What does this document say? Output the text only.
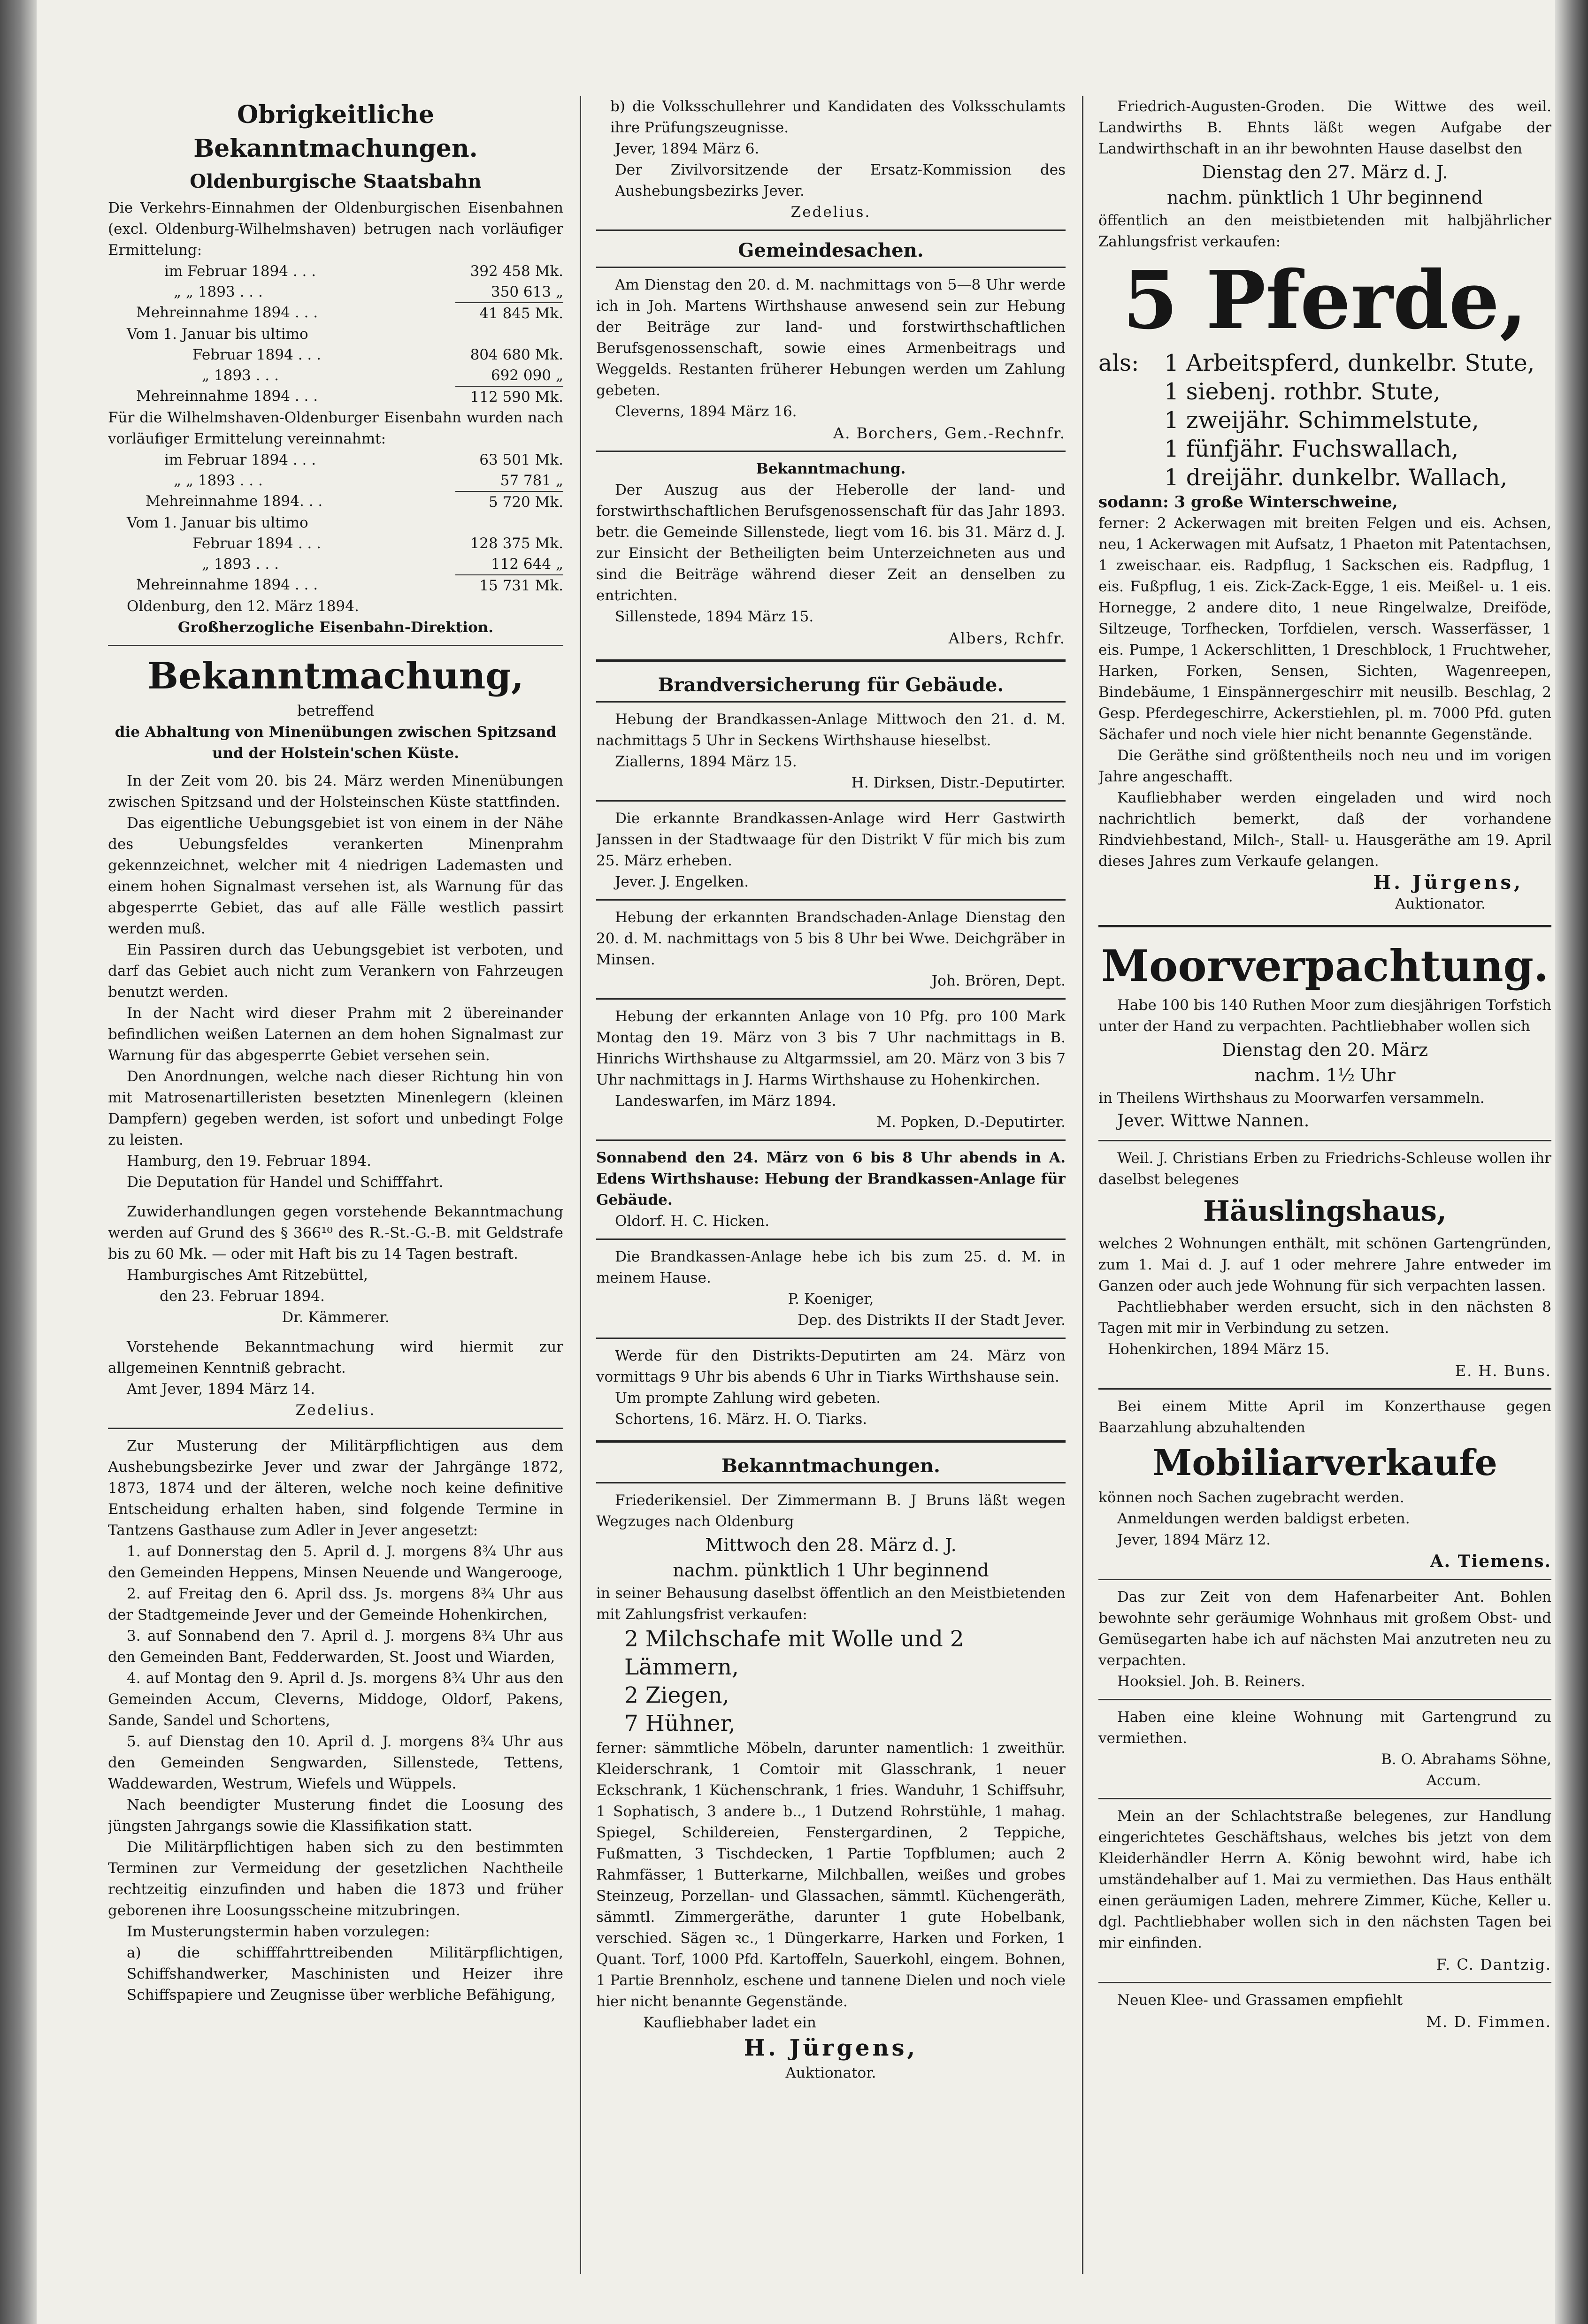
Obrigkeitliche Bekanntmachungen.
Oldenburgische Staatsbahn

Die Verkehrs-Einnahmen der Oldenburgischen Eisenbahnen (excl. Oldenburg-Wilhelmshaven) betrugen nach vorläufiger Ermittelung:

im Februar 1894 . . .	392 458 Mk.
„ „ 1893 . . .	350 613 „
Mehreinnahme 1894 . . .	41 845 Mk.
Vom 1. Januar bis ultimo
Februar 1894 . . .	804 680 Mk.
„ 1893 . . .	692 090 „
Mehreinnahme 1894 . . .	112 590 Mk.

Für die Wilhelmshaven-Oldenburger Eisenbahn wurden nach vorläufiger Ermittelung vereinnahmt:

im Februar 1894 . . .	63 501 Mk.
„ „ 1893 . . .	57 781 „
Mehreinnahme 1894. . .	5 720 Mk.
Vom 1. Januar bis ultimo
Februar 1894 . . .	128 375 Mk.
„ 1893 . . .	112 644 „
Mehreinnahme 1894 . . .	15 731 Mk.

Oldenburg, den 12. März 1894.

Großherzogliche Eisenbahn-Direktion.

Bekanntmachung,

betreffend

die Abhaltung von Minenübungen zwischen Spitzsand und der Holstein'schen Küste.

In der Zeit vom 20. bis 24. März werden Minenübungen zwischen Spitzsand und der Holsteinschen Küste stattfinden.

Das eigentliche Uebungsgebiet ist von einem in der Nähe des Uebungsfeldes verankerten Minenprahm gekennzeichnet, welcher mit 4 niedrigen Lademasten und einem hohen Signalmast versehen ist, als Warnung für das abgesperrte Gebiet, das auf alle Fälle westlich passirt werden muß.

Ein Passiren durch das Uebungsgebiet ist verboten, und darf das Gebiet auch nicht zum Verankern von Fahrzeugen benutzt werden.

In der Nacht wird dieser Prahm mit 2 übereinander befindlichen weißen Laternen an dem hohen Signalmast zur Warnung für das abgesperrte Gebiet versehen sein.

Den Anordnungen, welche nach dieser Richtung hin von mit Matrosenartilleristen besetzten Minenlegern (kleinen Dampfern) gegeben werden, ist sofort und unbedingt Folge zu leisten.

Hamburg, den 19. Februar 1894.

Die Deputation für Handel und Schifffahrt.

Zuwiderhandlungen gegen vorstehende Bekanntmachung werden auf Grund des § 366¹⁰ des R.-St.-G.-B. mit Geldstrafe bis zu 60 Mk. — oder mit Haft bis zu 14 Tagen bestraft.

Hamburgisches Amt Ritzebüttel,

den 23. Februar 1894.

Dr. Kämmerer.

Vorstehende Bekanntmachung wird hiermit zur allgemeinen Kenntniß gebracht.

Amt Jever, 1894 März 14.

Zedelius.

Zur Musterung der Militärpflichtigen aus dem Aushebungsbezirke Jever und zwar der Jahrgänge 1872, 1873, 1874 und der älteren, welche noch keine definitive Entscheidung erhalten haben, sind folgende Termine in Tantzens Gasthause zum Adler in Jever angesetzt:

1. auf Donnerstag den 5. April d. J. morgens 8¾ Uhr aus den Gemeinden Heppens, Minsen Neuende und Wangerooge,

2. auf Freitag den 6. April dss. Js. morgens 8¾ Uhr aus der Stadtgemeinde Jever und der Gemeinde Hohenkirchen,

3. auf Sonnabend den 7. April d. J. morgens 8¾ Uhr aus den Gemeinden Bant, Fedderwarden, St. Joost und Wiarden,

4. auf Montag den 9. April d. Js. morgens 8¾ Uhr aus den Gemeinden Accum, Cleverns, Middoge, Oldorf, Pakens, Sande, Sandel und Schortens,

5. auf Dienstag den 10. April d. J. morgens 8¾ Uhr aus den Gemeinden Sengwarden, Sillenstede, Tettens, Waddewarden, Westrum, Wiefels und Wüppels.

Nach beendigter Musterung findet die Loosung des jüngsten Jahrgangs sowie die Klassifikation statt.

Die Militärpflichtigen haben sich zu den bestimmten Terminen zur Vermeidung der gesetzlichen Nachtheile rechtzeitig einzufinden und haben die 1873 und früher geborenen ihre Loosungsscheine mitzubringen.

Im Musterungstermin haben vorzulegen:

a) die schifffahrttreibenden Militärpflichtigen, Schiffshandwerker, Maschinisten und Heizer ihre Schiffspapiere und Zeugnisse über werbliche Befähigung,

b) die Volksschullehrer und Kandidaten des Volksschulamts ihre Prüfungszeugnisse.

Jever, 1894 März 6.

Der Zivilvorsitzende der Ersatz-Kommission des Aushebungsbezirks Jever.

Zedelius.

Gemeindesachen.

Am Dienstag den 20. d. M. nachmittags von 5—8 Uhr werde ich in Joh. Martens Wirthshause anwesend sein zur Hebung der Beiträge zur land- und forstwirthschaftlichen Berufsgenossenschaft, sowie eines Armenbeitrags und Weggelds. Restanten früherer Hebungen werden um Zahlung gebeten.

Cleverns, 1894 März 16.

A. Borchers, Gem.-Rechnfr.

Bekanntmachung.

Der Auszug aus der Heberolle der land- und forstwirthschaftlichen Berufsgenossenschaft für das Jahr 1893. betr. die Gemeinde Sillenstede, liegt vom 16. bis 31. März d. J. zur Einsicht der Betheiligten beim Unterzeichneten aus und sind die Beiträge während dieser Zeit an denselben zu entrichten.

Sillenstede, 1894 März 15.

Albers, Rchfr.

Brandversicherung für Gebäude.

Hebung der Brandkassen-Anlage Mittwoch den 21. d. M. nachmittags 5 Uhr in Seckens Wirthshause hieselbst.

Ziallerns, 1894 März 15.

H. Dirksen, Distr.-Deputirter.

Die erkannte Brandkassen-Anlage wird Herr Gastwirth Janssen in der Stadtwaage für den Distrikt V für mich bis zum 25. März erheben.

Jever. J. Engelken.

Hebung der erkannten Brandschaden-Anlage Dienstag den 20. d. M. nachmittags von 5 bis 8 Uhr bei Wwe. Deichgräber in Minsen.

Joh. Brören, Dept.

Hebung der erkannten Anlage von 10 Pfg. pro 100 Mark Montag den 19. März von 3 bis 7 Uhr nachmittags in B. Hinrichs Wirthshause zu Altgarmssiel, am 20. März von 3 bis 7 Uhr nachmittags in J. Harms Wirthshause zu Hohenkirchen.

Landeswarfen, im März 1894.

M. Popken, D.-Deputirter.

Sonnabend den 24. März von 6 bis 8 Uhr abends in A. Edens Wirthshause: Hebung der Brandkassen-Anlage für Gebäude.

Oldorf. H. C. Hicken.

Die Brandkassen-Anlage hebe ich bis zum 25. d. M. in meinem Hause.

P. Koeniger,

Dep. des Distrikts II der Stadt Jever.

Werde für den Distrikts-Deputirten am 24. März von vormittags 9 Uhr bis abends 6 Uhr in Tiarks Wirthshause sein.

Um prompte Zahlung wird gebeten.

Schortens, 16. März. H. O. Tiarks.

Bekanntmachungen.

Friederikensiel. Der Zimmermann B. J Bruns läßt wegen Wegzuges nach Oldenburg

Mittwoch den 28. März d. J.
nachm. pünktlich 1 Uhr beginnend

in seiner Behausung daselbst öffentlich an den Meistbietenden mit Zahlungsfrist verkaufen:

2 Milchschafe mit Wolle und 2
Lämmern,
2 Ziegen,
7 Hühner,

ferner: sämmtliche Möbeln, darunter namentlich: 1 zweithür. Kleiderschrank, 1 Comtoir mit Glasschrank, 1 neuer Eckschrank, 1 Küchenschrank, 1 fries. Wanduhr, 1 Schiffsuhr, 1 Sophatisch, 3 andere b.., 1 Dutzend Rohrstühle, 1 mahag. Spiegel, Schildereien, Fenstergardinen, 2 Teppiche, Fußmatten, 3 Tischdecken, 1 Partie Topfblumen; auch 2 Rahmfässer, 1 Butterkarne, Milchballen, weißes und grobes Steinzeug, Porzellan- und Glassachen, sämmtl. Küchengeräth, sämmtl. Zimmergeräthe, darunter 1 gute Hobelbank, verschied. Sägen ꝛc., 1 Düngerkarre, Harken und Forken, 1 Quant. Torf, 1000 Pfd. Kartoffeln, Sauerkohl, eingem. Bohnen, 1 Partie Brennholz, eschene und tannene Dielen und noch viele hier nicht benannte Gegenstände.

Kaufliebhaber ladet ein

H. Jürgens,

Auktionator.

Friedrich-Augusten-Groden. Die Wittwe des weil. Landwirths B. Ehnts läßt wegen Aufgabe der Landwirthschaft in an ihr bewohnten Hause daselbst den

Dienstag den 27. März d. J.
nachm. pünktlich 1 Uhr beginnend

öffentlich an den meistbietenden mit halbjährlicher Zahlungsfrist verkaufen:

5 Pferde,
als: 1 Arbeitspferd, dunkelbr. Stute,
1 siebenj. rothbr. Stute,
1 zweijähr. Schimmelstute,
1 fünfjähr. Fuchswallach,
1 dreijähr. dunkelbr. Wallach,

sodann: 3 große Winterschweine,

ferner: 2 Ackerwagen mit breiten Felgen und eis. Achsen, neu, 1 Ackerwagen mit Aufsatz, 1 Phaeton mit Patentachsen, 1 zweischaar. eis. Radpflug, 1 Sackschen eis. Radpflug, 1 eis. Fußpflug, 1 eis. Zick-Zack-Egge, 1 eis. Meißel- u. 1 eis. Hornegge, 2 andere dito, 1 neue Ringelwalze, Dreiföde, Siltzeuge, Torfhecken, Torfdielen, versch. Wasserfässer, 1 eis. Pumpe, 1 Ackerschlitten, 1 Dreschblock, 1 Fruchtweher, Harken, Forken, Sensen, Sichten, Wagenreepen, Bindebäume, 1 Einspännergeschirr mit neusilb. Beschlag, 2 Gesp. Pferdegeschirre, Ackerstiehlen, pl. m. 7000 Pfd. guten Sächafer und noch viele hier nicht benannte Gegenstände.

Die Geräthe sind größtentheils noch neu und im vorigen Jahre angeschafft.

Kaufliebhaber werden eingeladen und wird noch nachrichtlich bemerkt, daß der vorhandene Rindviehbestand, Milch-, Stall- u. Hausgeräthe am 19. April dieses Jahres zum Verkaufe gelangen.

H. Jürgens,

Auktionator.

Moorverpachtung.

Habe 100 bis 140 Ruthen Moor zum diesjährigen Torfstich unter der Hand zu verpachten. Pachtliebhaber wollen sich

Dienstag den 20. März
nachm. 1½ Uhr

in Theilens Wirthshaus zu Moorwarfen versammeln.

Jever. Wittwe Nannen.

Weil. J. Christians Erben zu Friedrichs-Schleuse wollen ihr daselbst belegenes

Häuslingshaus,

welches 2 Wohnungen enthält, mit schönen Gartengründen, zum 1. Mai d. J. auf 1 oder mehrere Jahre entweder im Ganzen oder auch jede Wohnung für sich verpachten lassen.

Pachtliebhaber werden ersucht, sich in den nächsten 8 Tagen mit mir in Verbindung zu setzen.

Hohenkirchen, 1894 März 15.

E. H. Buns.

Bei einem Mitte April im Konzerthause gegen Baarzahlung abzuhaltenden

Mobiliarverkaufe

können noch Sachen zugebracht werden.

Anmeldungen werden baldigst erbeten.

Jever, 1894 März 12.

A. Tiemens.

Das zur Zeit von dem Hafenarbeiter Ant. Bohlen bewohnte sehr geräumige Wohnhaus mit großem Obst- und Gemüsegarten habe ich auf nächsten Mai anzutreten neu zu verpachten.

Hooksiel. Joh. B. Reiners.

Haben eine kleine Wohnung mit Gartengrund zu vermiethen.

B. O. Abrahams Söhne,

Accum.

Mein an der Schlachtstraße belegenes, zur Handlung eingerichtetes Geschäftshaus, welches bis jetzt von dem Kleiderhändler Herrn A. König bewohnt wird, habe ich umständehalber auf 1. Mai zu vermiethen. Das Haus enthält einen geräumigen Laden, mehrere Zimmer, Küche, Keller u. dgl. Pachtliebhaber wollen sich in den nächsten Tagen bei mir einfinden.

F. C. Dantzig.

Neuen Klee- und Grassamen empfiehlt

M. D. Fimmen.
